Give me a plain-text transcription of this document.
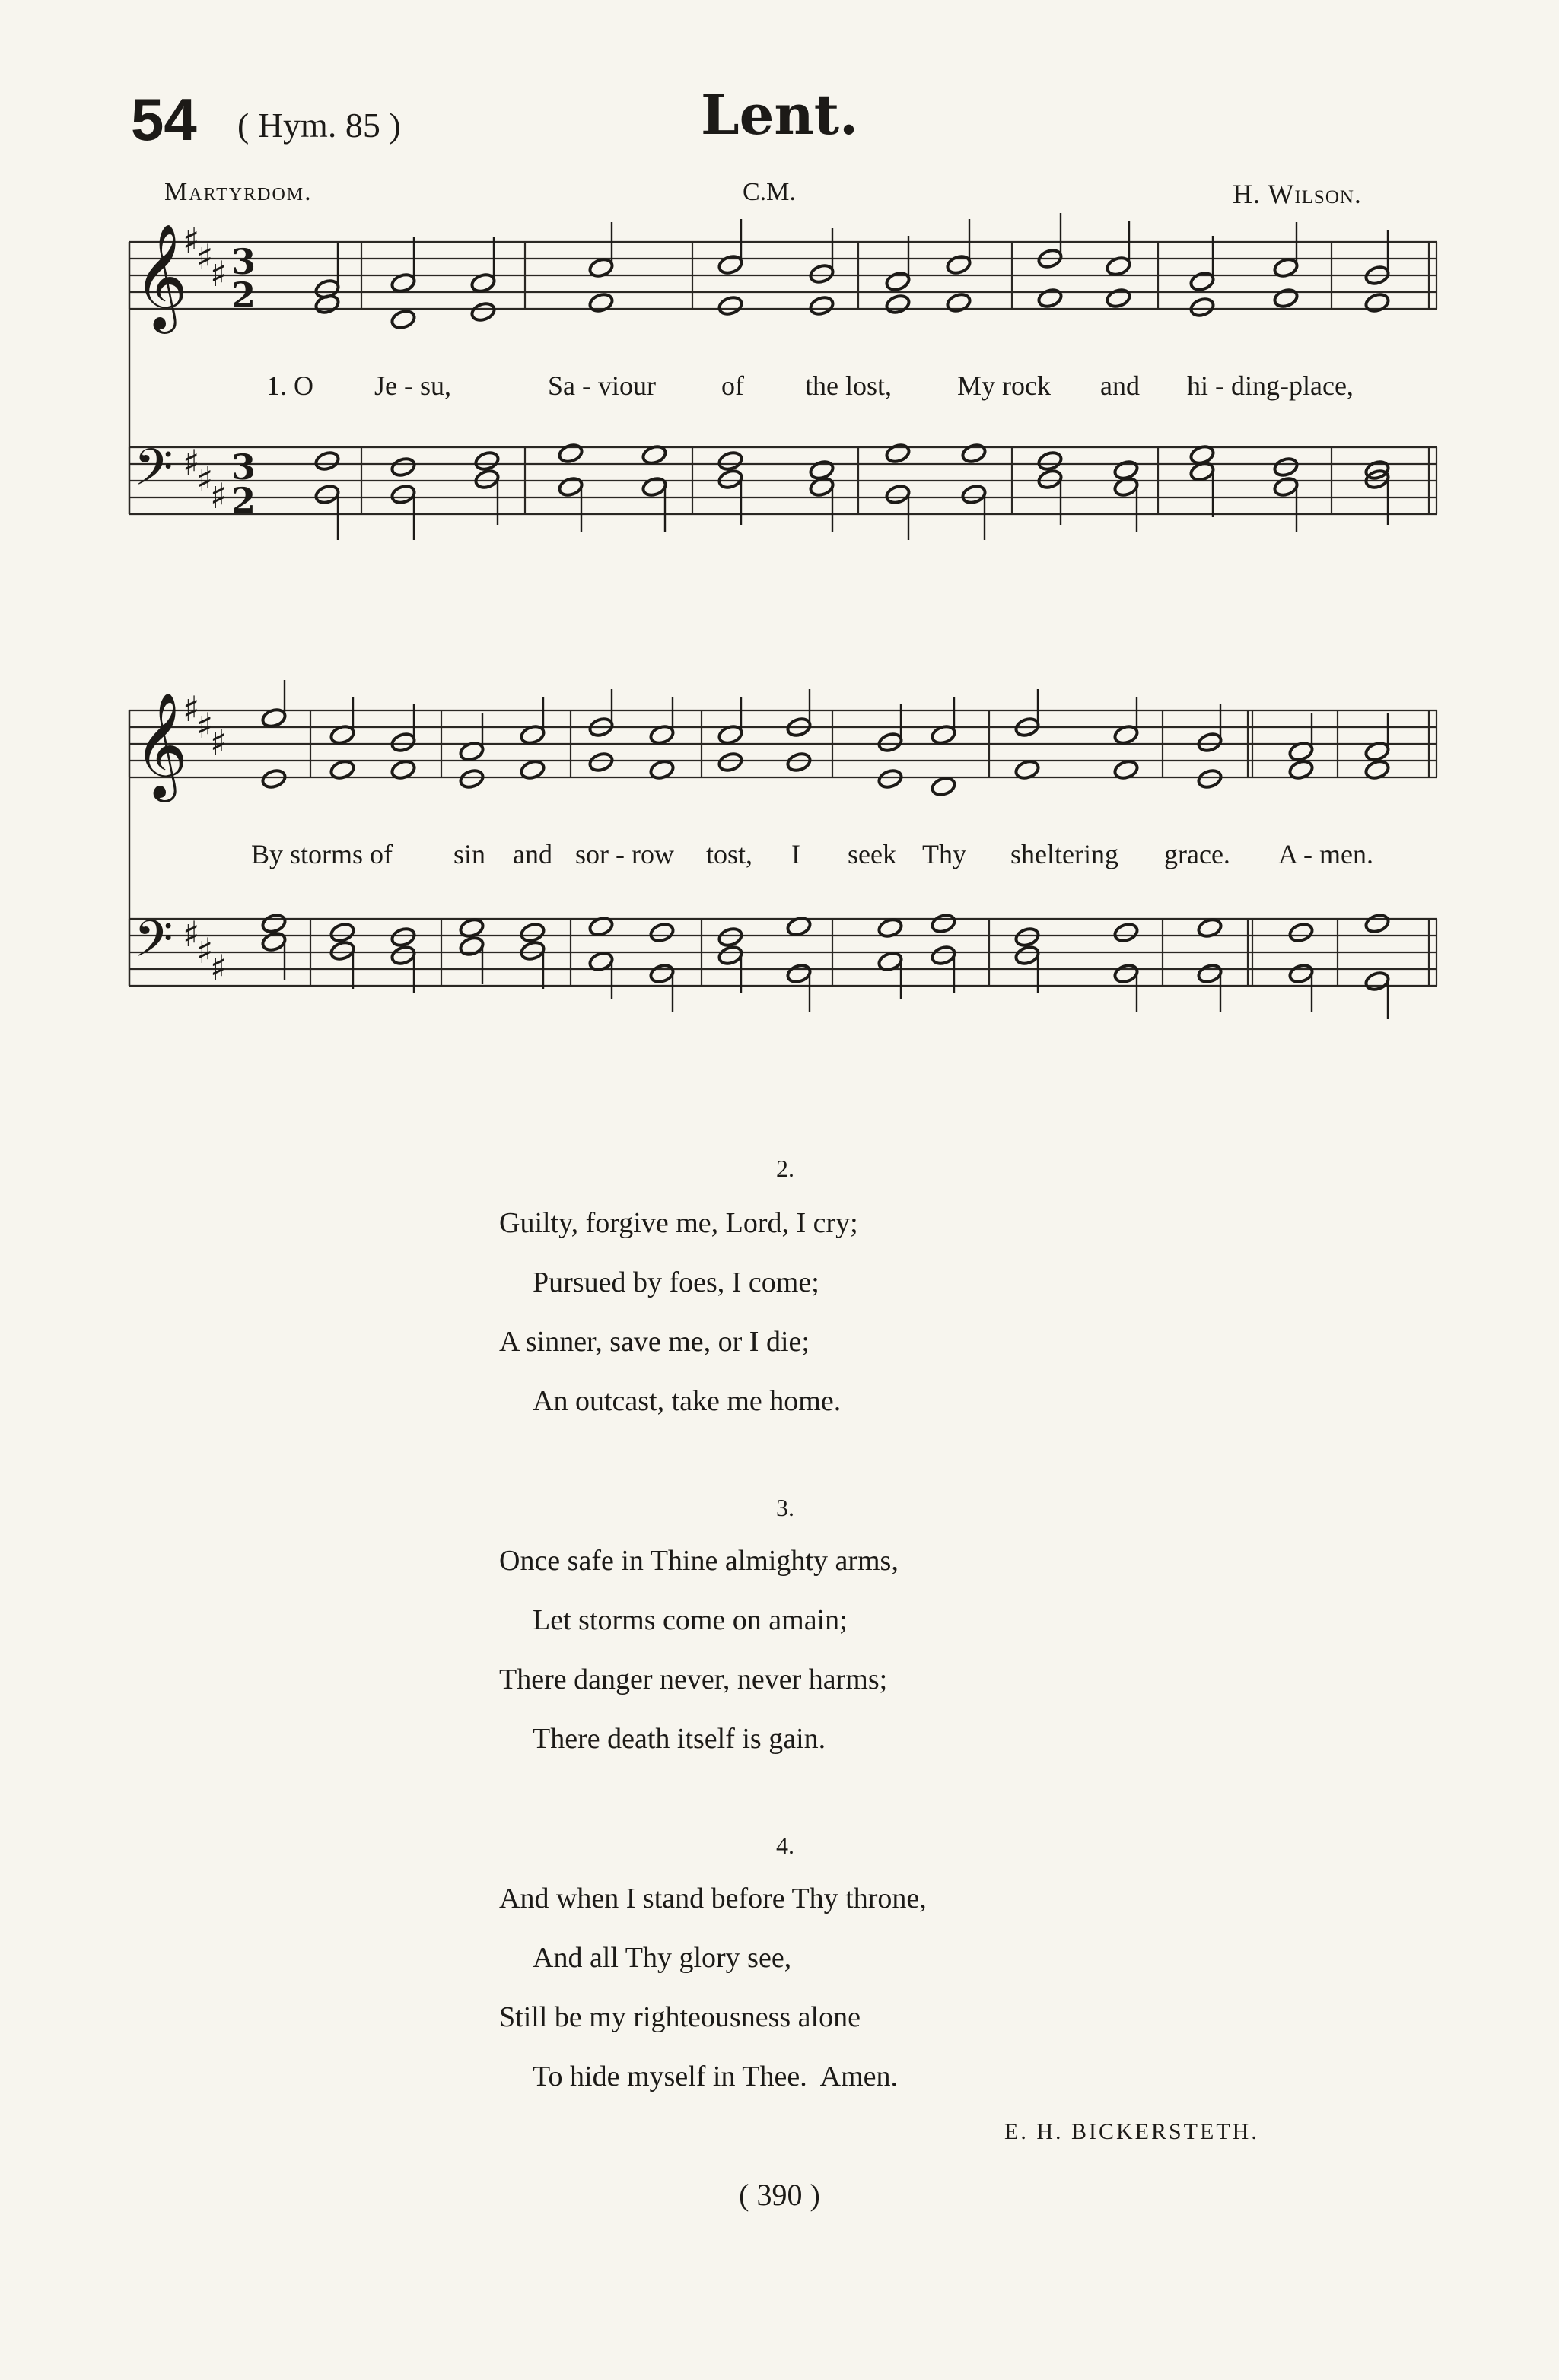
54 ( Hym. 85 )	Lent.
Martyrdom.	C.M.	H. Wilson.
𝄞
♯
♯
♯ 3
2
𝄢 ♯
♯
♯
3
2
𝄞
♯
♯
♯
𝄢 ♯
♯
♯
1. O Je - su,	Sa - viour of the lost, My rock and hi - ding-place,
By storms of sin and sor - row tost, I seek Thy sheltering grace. A - men.
2.
Guilty, forgive me, Lord, I cry;
Pursued by foes, I come;
A sinner, save me, or I die;
An outcast, take me home.
3.
Once safe in Thine almighty arms,
Let storms come on amain;
There danger never, never harms;
There death itself is gain.
4.
And when I stand before Thy throne,
And all Thy glory see,
Still be my righteousness alone
To hide myself in Thee.  Amen.
E. H. BICKERSTETH.
( 390 )
